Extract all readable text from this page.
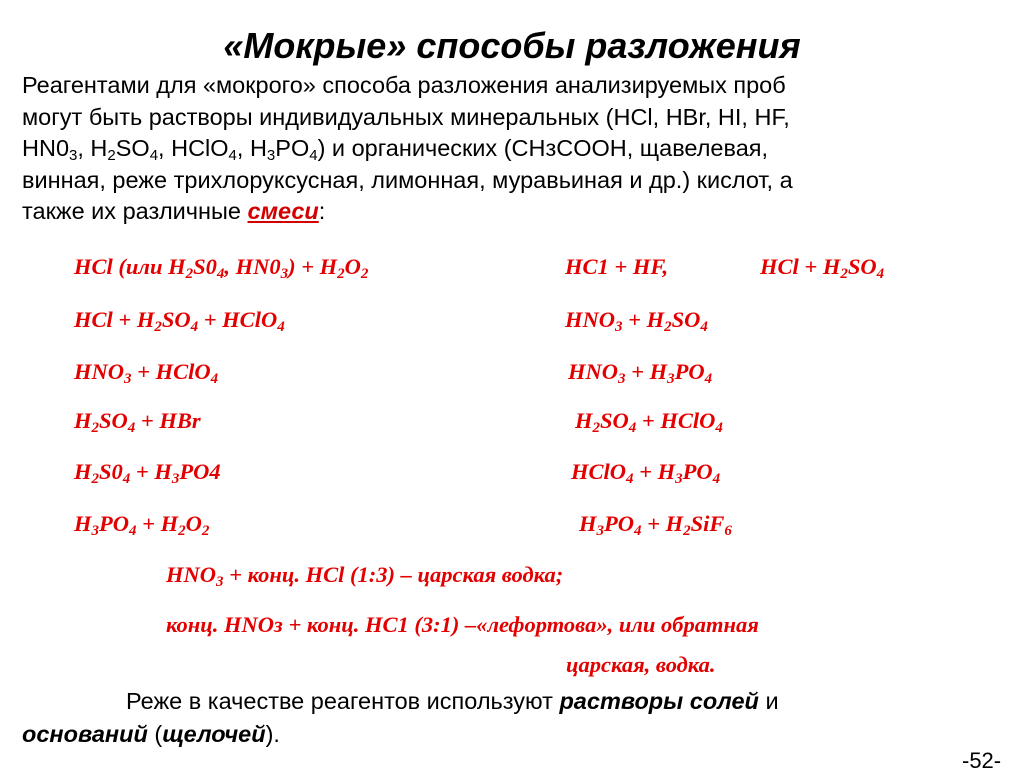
«Мокрые» способы разложения
Реагентами для «мокрого» способа разложения анализируемых проб
могут быть растворы индивидуальных минеральных (HCl, HBr, HI, HF,
$HN0_3$, $H_2SO_4$, HClO$_4$, $H_3PO_4$) и органических (CHзCOOH, щавелевая,
винная, реже трихлоруксусная, лимонная, муравьиная и др.) кислот, а
также их различные смеси:
HCl (или $H_2S0_4$, $HN0_3) + H_2O_2$	HC1 + HF,	HCl + $H_2SO_4$
HCl + $H_2SO_4$ + HClO$_4$	$HNO_3 + H_2SO_4$
$HNO_3$ + HClO$_4$	$HNO_3 + H_3PO_4$
$H_2SO_4$ + HBr	$H_2SO_4$ + HClO$_4$
$H_2S0_4 + H_3PO4$	HClO$_4$ + $H_3PO_4$
$H_3PO_4 + H_2O_2$	$H_3PO_4 + H_2SiF_6$
$HNO_3$ + конц. HCl (1:3) – царская водка;
конц. HNOз + конц. HC1 (3:1) –«лефортова», или обратная
царская, водка.
Реже в качестве реагентов используют растворы солей и
оснований (щелочей).
-52-
